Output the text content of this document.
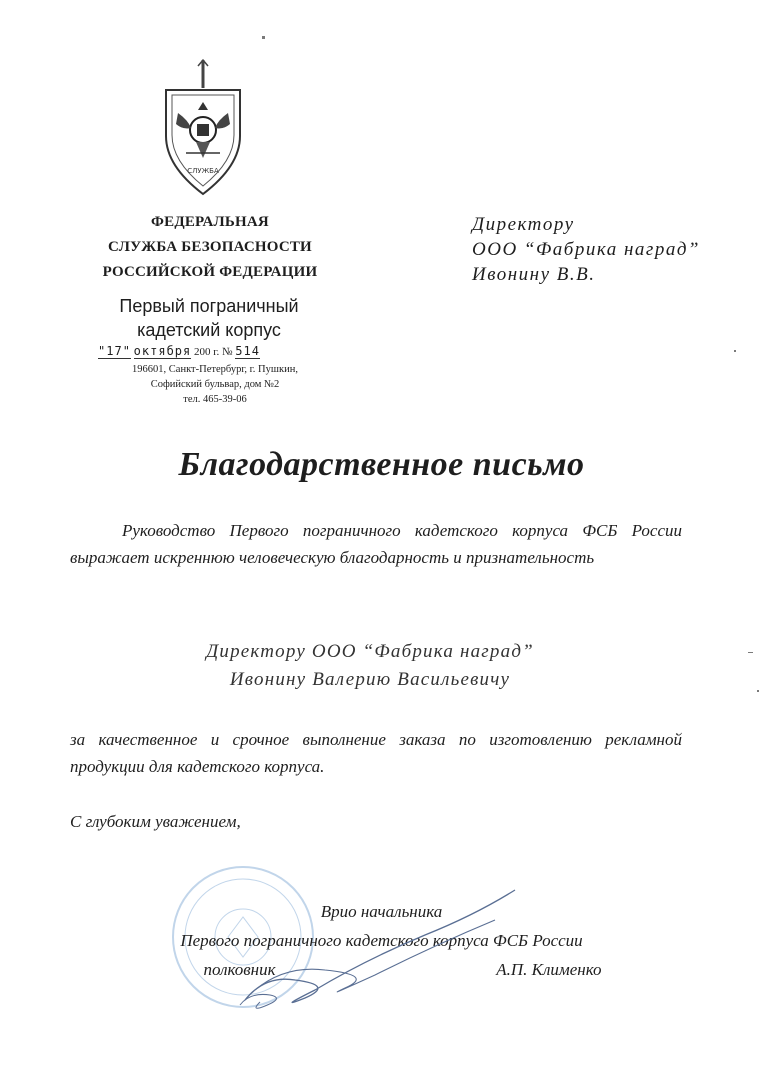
СЛУЖБА
ФЕДЕРАЛЬНАЯ
СЛУЖБА БЕЗОПАСНОСТИ
РОССИЙСКОЙ ФЕДЕРАЦИИ
Первый пограничный
кадетский корпус
"17" октября 200 г. № 514
196601, Санкт-Петербург, г. Пушкин,
Софийский бульвар, дом №2
тел. 465-39-06
Директору
ООО “Фабрика наград”
Ивонину В.В.
Благодарственное письмо
Руководство Первого пограничного кадетского корпуса ФСБ России выражает искреннюю человеческую благодарность и признательность
Директору ООО “Фабрика наград”
Ивонину Валерию Васильевичу
за качественное и срочное выполнение заказа по изготовлению рекламной продукции для кадетского корпуса.
С глубоким уважением,
Врио начальника
Первого пограничного кадетского корпуса ФСБ России
полковник	А.П. Клименко
